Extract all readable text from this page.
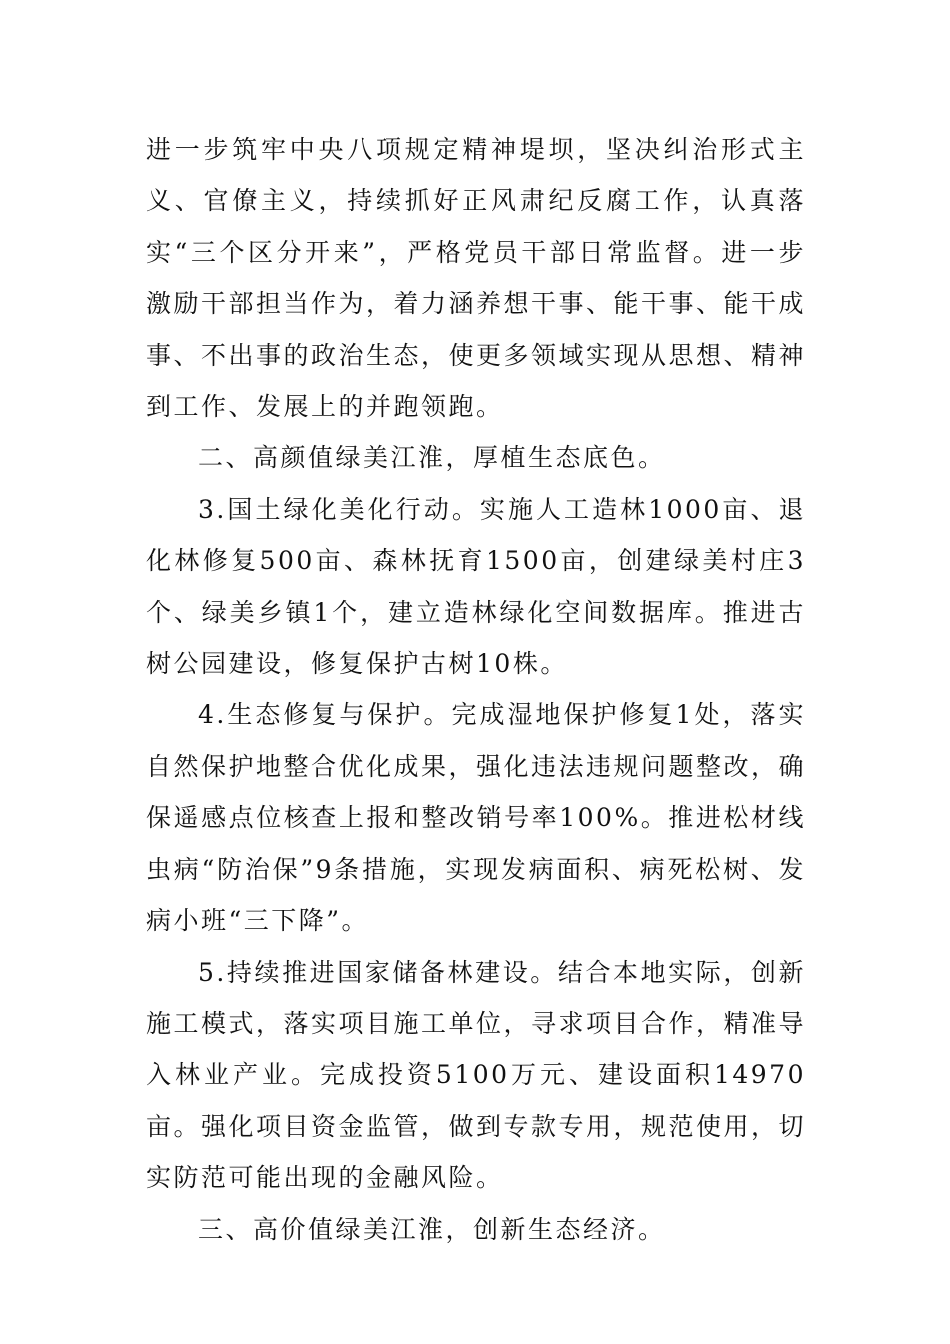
进一步筑牢中央八项规定精神堤坝，坚决纠治形式主义、官僚主义，持续抓好正风肃纪反腐工作，认真落实“三个区分开来”，严格党员干部日常监督。进一步激励干部担当作为，着力涵养想干事、能干事、能干成事、不出事的政治生态，使更多领域实现从思想、精神到工作、发展上的并跑领跑。

二、高颜值绿美江淮，厚植生态底色。

3.国土绿化美化行动。实施人工造林1000亩、退化林修复500亩、森林抚育1500亩，创建绿美村庄3个、绿美乡镇1个，建立造林绿化空间数据库。推进古树公园建设，修复保护古树10株。

4.生态修复与保护。完成湿地保护修复1处，落实自然保护地整合优化成果，强化违法违规问题整改，确保遥感点位核查上报和整改销号率100%。推进松材线虫病“防治保”9条措施，实现发病面积、病死松树、发病小班“三下降”。

5.持续推进国家储备林建设。结合本地实际，创新施工模式，落实项目施工单位，寻求项目合作，精准导入林业产业。完成投资5100万元、建设面积14970亩。强化项目资金监管，做到专款专用，规范使用，切实防范可能出现的金融风险。

三、高价值绿美江淮，创新生态经济。
